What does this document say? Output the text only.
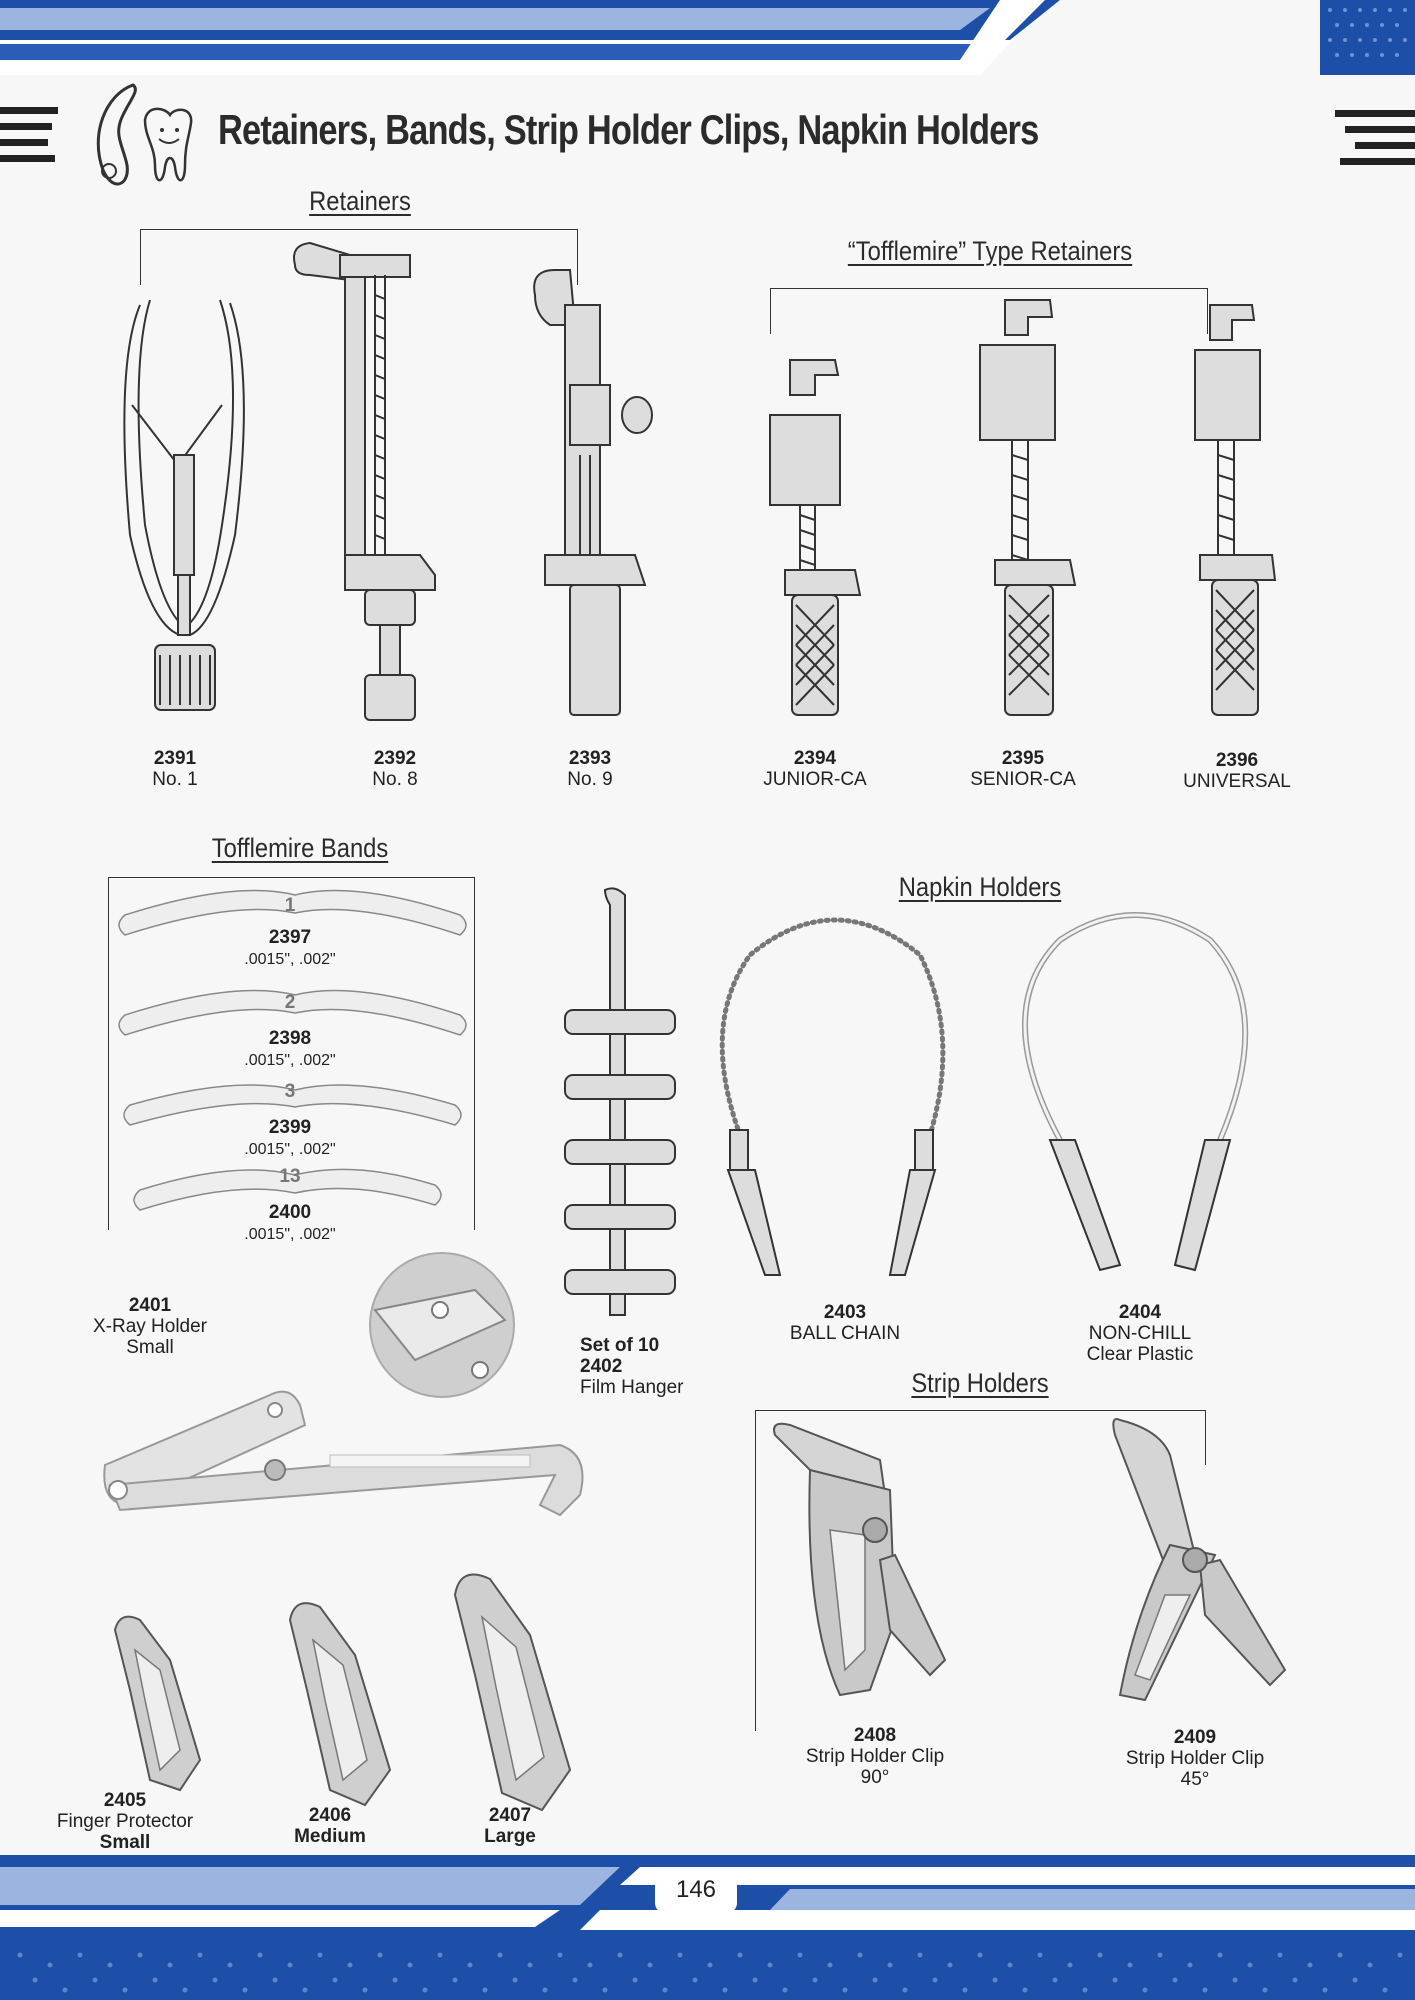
Retainers, Bands, Strip Holder Clips, Napkin Holders
Retainers
2391
No. 1
2392
No. 8
2393
No. 9
“Tofflemire” Type Retainers
2394
JUNIOR-CA
2395
SENIOR-CA
2396
UNIVERSAL
Tofflemire Bands
1
2397
.0015", .002"
2
2398
.0015", .002"
3
2399
.0015", .002"
13
2400
.0015", .002"
Set of 10
2402
Film Hanger
Napkin Holders
2403
BALL CHAIN
2404
NON-CHILL
Clear Plastic
2401
X-Ray Holder
Small
Strip Holders
2408
Strip Holder Clip
90°
2409
Strip Holder Clip
45°
2405
Finger Protector
Small
2406
Medium
2407
Large
146
